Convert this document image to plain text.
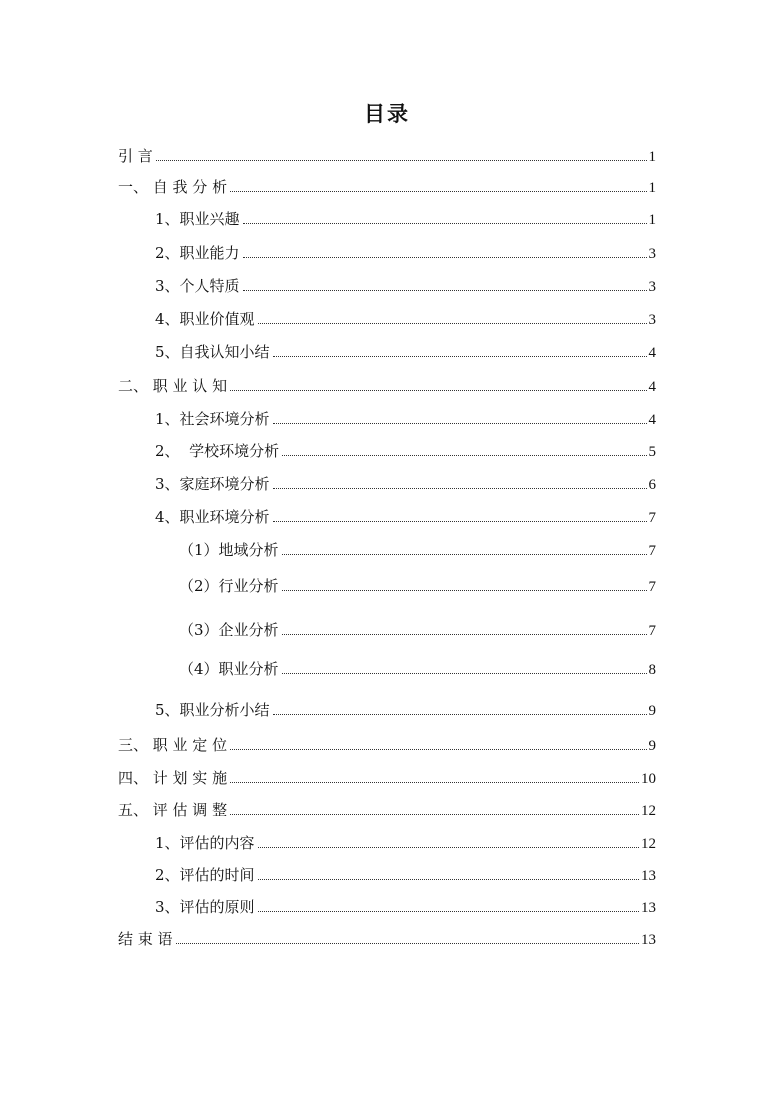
目录
引 言	1
一、 自 我 分 析	1
1、职业兴趣	1
2、职业能力	3
3、个人特质	3
4、职业价值观	3
5、自我认知小结	4
二、 职 业 认 知	4
1、社会环境分析	4
2、  学校环境分析	5
3、家庭环境分析	6
4、职业环境分析	7
（1）地域分析	7
（2）行业分析	7
（3）企业分析	7
（4）职业分析	8
5、职业分析小结	9
三、 职 业 定 位	9
四、 计 划 实 施	10
五、 评 估 调 整	12
1、评估的内容	12
2、评估的时间	13
3、评估的原则	13
结 束 语	13
